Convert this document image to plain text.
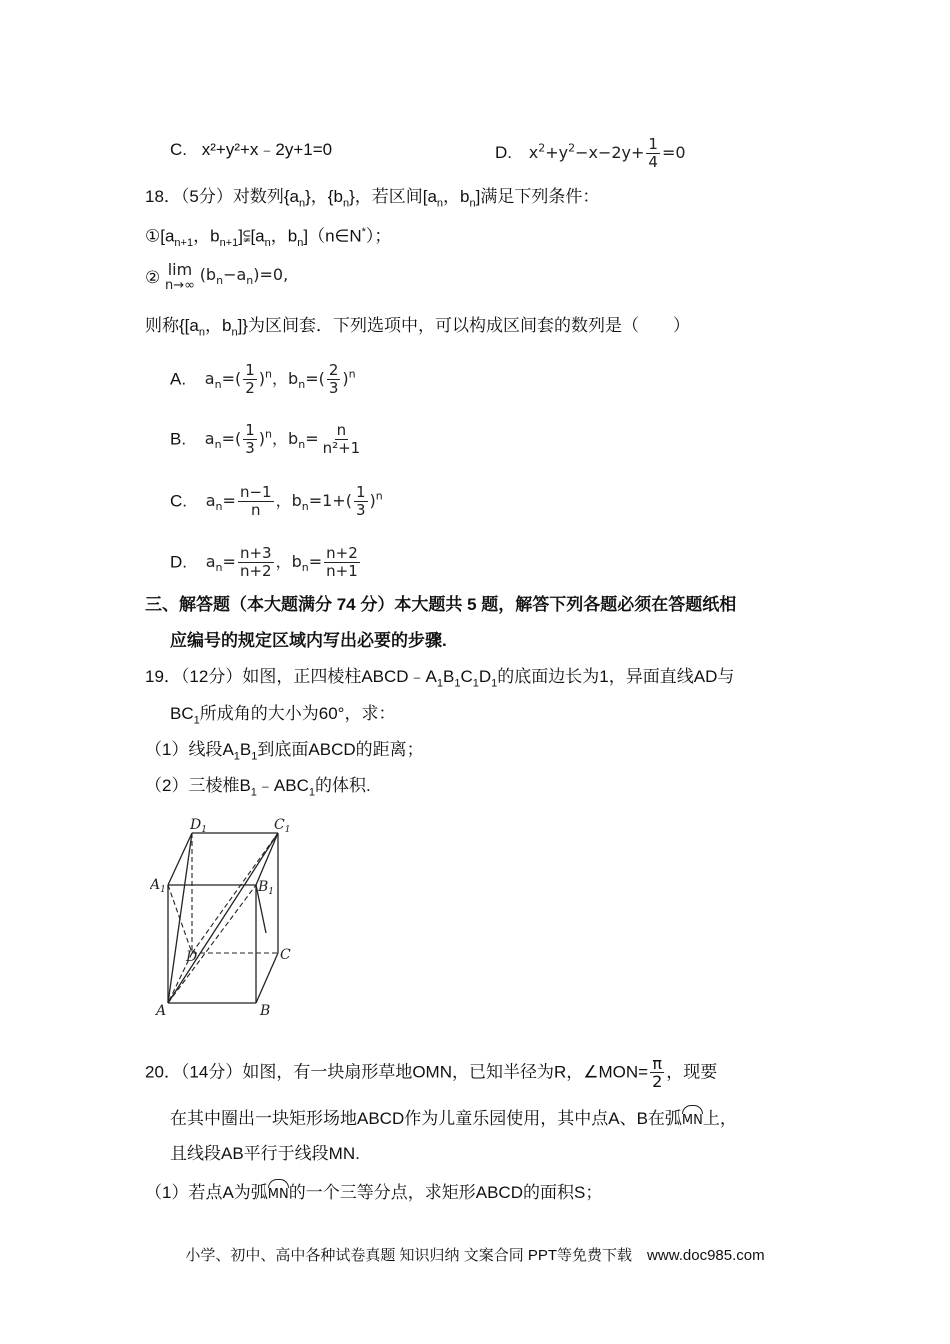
C. x²+y²+x﹣2y+1=0	D. $x^2+y^2-x-2y+ \frac{1}{4} =0$
18．（5分）对数列$\{a_n\}$，$\{b_n\}$，若区间[$a_n$，$b_n$]满足下列条件：
$①[a_{n+1}$，$b_{n+1}]⫋[a_n$，$b_n](n\in N^*)$；
② lim
n→∞
$(b_n-a_n)=0$,
则称{[$a_n$，$b_n$]}为区间套．下列选项中，可以构成区间套的数列是（　　）
A. $a_n=( \frac{1}{2} )^n$，$b_n=( \frac{2}{3} )^n$
B. $a_n=( \frac{1}{3} )^n$，$b_n= \frac{n}{\text{n²+1}}$
C. $a_n= \frac{n-1}{n}$ ，$b_n=1+( \frac{1}{3} )^n$
D. $a_n= \frac{n+3}{n+2}$ ，$b_n= \frac{n+2}{n+1}$
三、解答题（本大题满分 74 分）本大题共 5 题，解答下列各题必须在答题纸相
应编号的规定区域内写出必要的步骤.
19．（12分）如图，正四棱柱$ABCD﹣A_1B_1C_1D_1$的底面边长为1，异面直线AD与
$BC_1$所成角的大小为60°，求：
（1）线段$A_1B_1$到底面ABCD的距离；
（2）三棱椎$B_1﹣ABC_1$的体积.
$D_1$	$C_1$
$A_1$	$B_1$
D	C
A	B
20．（14分）如图，有一块扇形草地OMN，已知半径为R，∠MON= $\frac{\pi}{2}$ ，现要
在其中圈出一块矩形场地ABCD作为儿童乐园使用，其中点A、B在弧MN上，
且线段AB平行于线段MN.
（1）若点A为弧MN的一个三等分点，求矩形ABCD的面积S；
小学、初中、高中各种试卷真题 知识归纳 文案合同 PPT等免费下载　www.doc985.com
